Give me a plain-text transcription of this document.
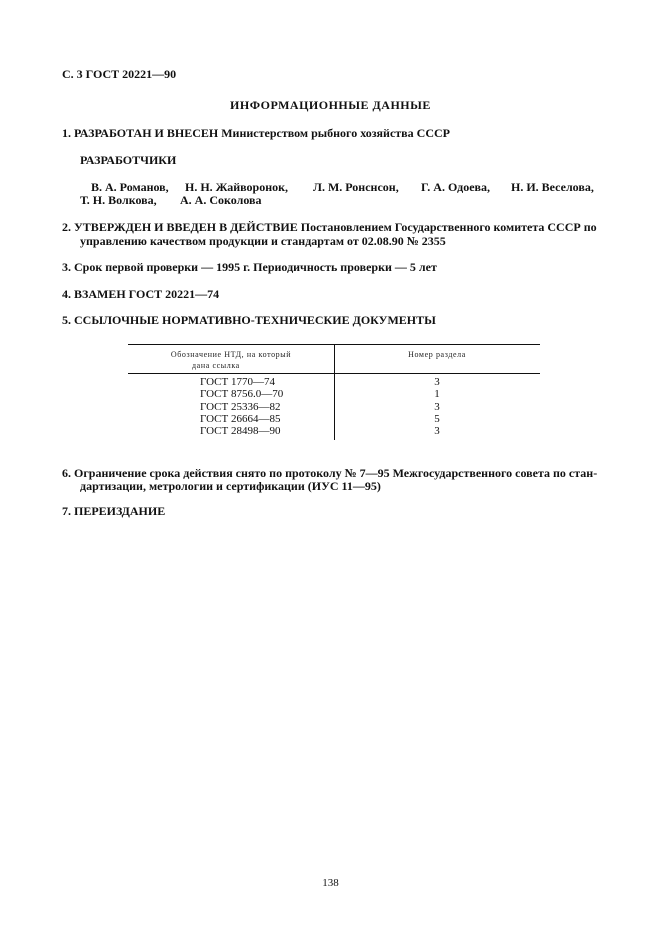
С. 3 ГОСТ 20221—90
ИНФОРМАЦИОННЫЕ ДАННЫЕ
1. РАЗРАБОТАН И ВНЕСЕН Министерством рыбного хозяйства СССР
РАЗРАБОТЧИКИ
В. А. Романов, Н. Н. Жайворонок, Л. М. Ронснсон, Г. А. Одоева, Н. И. Веселова,
Т. Н. Волкова, А. А. Соколова
2. УТВЕРЖДЕН И ВВЕДЕН В ДЕЙСТВИЕ Постановлением Государственного комитета СССР по
управлению качеством продукции и стандартам от 02.08.90 № 2355
3. Срок первой проверки — 1995 г. Периодичность проверки — 5 лет
4. ВЗАМЕН ГОСТ 20221—74
5. ССЫЛОЧНЫЕ НОРМАТИВНО-ТЕХНИЧЕСКИЕ ДОКУМЕНТЫ
Обозначение НТД, на который
дана ссылка
Номер раздела
ГОСТ 1770—74
ГОСТ 8756.0—70
ГОСТ 25336—82
ГОСТ 26664—85
ГОСТ 28498—90
3
1
3
5
3
6. Ограничение срока действия снято по протоколу № 7—95 Межгосударственного совета по стан-
дартизации, метрологии и сертификации (ИУС 11—95)
7. ПЕРЕИЗДАНИЕ
138
